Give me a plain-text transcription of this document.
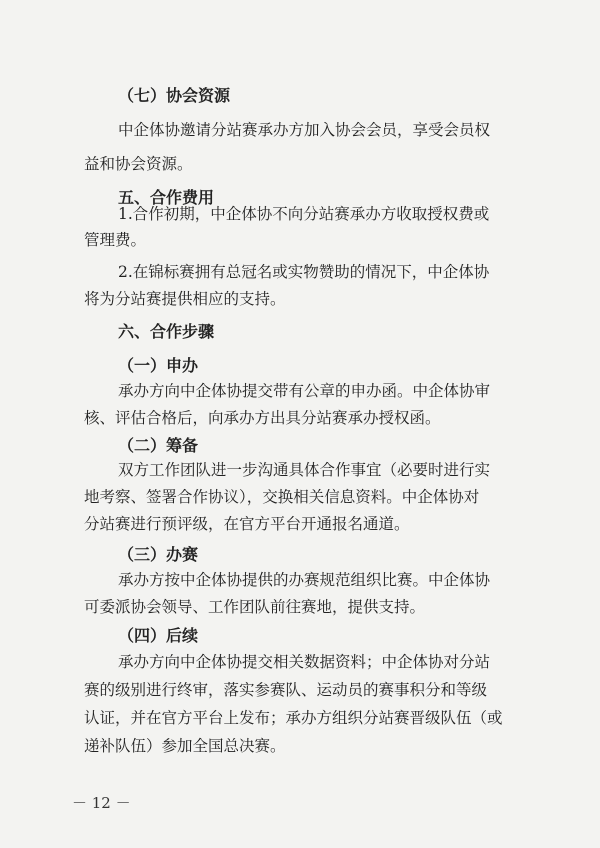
（七）协会资源
中企体协邀请分站赛承办方加入协会会员，享受会员权
益和协会资源。
五、合作费用
1.合作初期，中企体协不向分站赛承办方收取授权费或
管理费。
2.在锦标赛拥有总冠名或实物赞助的情况下，中企体协
将为分站赛提供相应的支持。
六、合作步骤
（一）申办
承办方向中企体协提交带有公章的申办函。中企体协审
核、评估合格后，向承办方出具分站赛承办授权函。
（二）筹备
双方工作团队进一步沟通具体合作事宜（必要时进行实
地考察、签署合作协议），交换相关信息资料。中企体协对
分站赛进行预评级，在官方平台开通报名通道。
（三）办赛
承办方按中企体协提供的办赛规范组织比赛。中企体协
可委派协会领导、工作团队前往赛地，提供支持。
（四）后续
承办方向中企体协提交相关数据资料；中企体协对分站
赛的级别进行终审，落实参赛队、运动员的赛事积分和等级
认证，并在官方平台上发布；承办方组织分站赛晋级队伍（或
递补队伍）参加全国总决赛。
－ 12 －
